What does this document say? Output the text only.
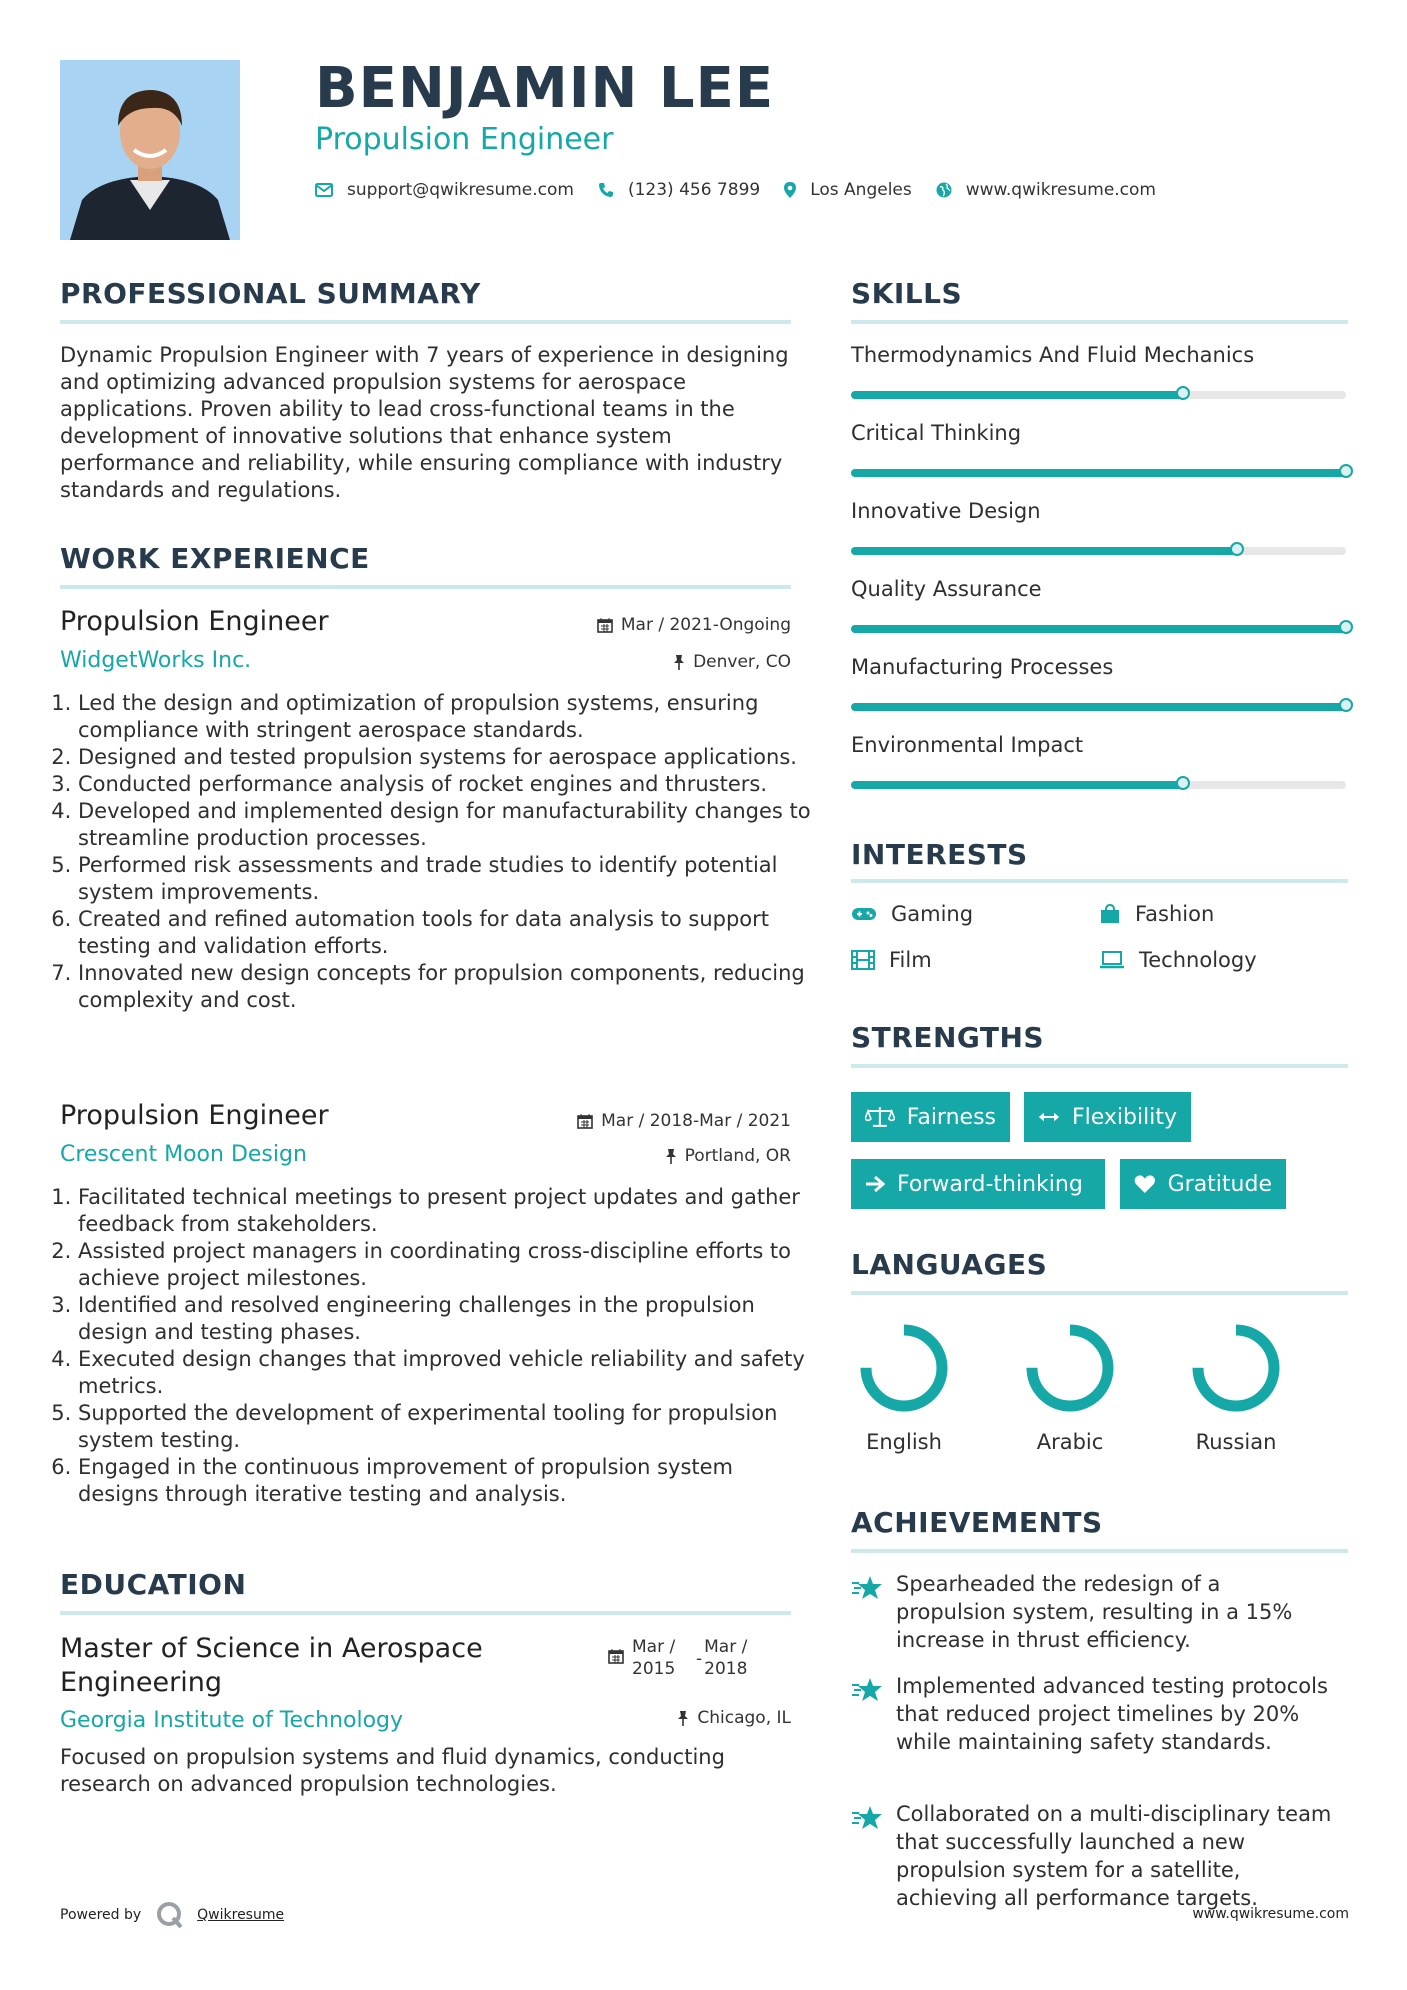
BENJAMIN LEE
Propulsion Engineer
support@qwikresume.com	(123) 456 7899	Los Angeles	www.qwikresume.com
PROFESSIONAL SUMMARY
Dynamic Propulsion Engineer with 7 years of experience in designing and optimizing advanced propulsion systems for aerospace applications. Proven ability to lead cross-functional teams in the development of innovative solutions that enhance system performance and reliability, while ensuring compliance with industry standards and regulations.
WORK EXPERIENCE
Propulsion Engineer	Mar / 2021-Ongoing
WidgetWorks Inc.	Denver, CO
1. Led the design and optimization of propulsion systems, ensuring compliance with stringent aerospace standards.
2. Designed and tested propulsion systems for aerospace applications.
3. Conducted performance analysis of rocket engines and thrusters.
4. Developed and implemented design for manufacturability changes to streamline production processes.
5. Performed risk assessments and trade studies to identify potential system improvements.
6. Created and refined automation tools for data analysis to support testing and validation efforts.
7. Innovated new design concepts for propulsion components, reducing complexity and cost.
Propulsion Engineer	Mar / 2018-Mar / 2021
Crescent Moon Design	Portland, OR
1. Facilitated technical meetings to present project updates and gather feedback from stakeholders.
2. Assisted project managers in coordinating cross-discipline efforts to achieve project milestones.
3. Identified and resolved engineering challenges in the propulsion design and testing phases.
4. Executed design changes that improved vehicle reliability and safety metrics.
5. Supported the development of experimental tooling for propulsion system testing.
6. Engaged in the continuous improvement of propulsion system designs through iterative testing and analysis.
EDUCATION
Master of Science in Aerospace Engineering
Mar / 2015	-
Mar / 2018
Georgia Institute of Technology	Chicago, IL
Focused on propulsion systems and fluid dynamics, conducting research on advanced propulsion technologies.
Powered by	Qwikresume
SKILLS
Thermodynamics And Fluid Mechanics
Critical Thinking
Innovative Design
Quality Assurance
Manufacturing Processes
Environmental Impact
INTERESTS
Gaming	Fashion
Film	Technology
STRENGTHS
Fairness	Flexibility
Forward-thinking	Gratitude
LANGUAGES
English	Arabic	Russian
ACHIEVEMENTS
Spearheaded the redesign of a propulsion system, resulting in a 15% increase in thrust efficiency.
Implemented advanced testing protocols that reduced project timelines by 20% while maintaining safety standards.
Collaborated on a multi-disciplinary team that successfully launched a new propulsion system for a satellite, achieving all performance targets.
www.qwikresume.com
